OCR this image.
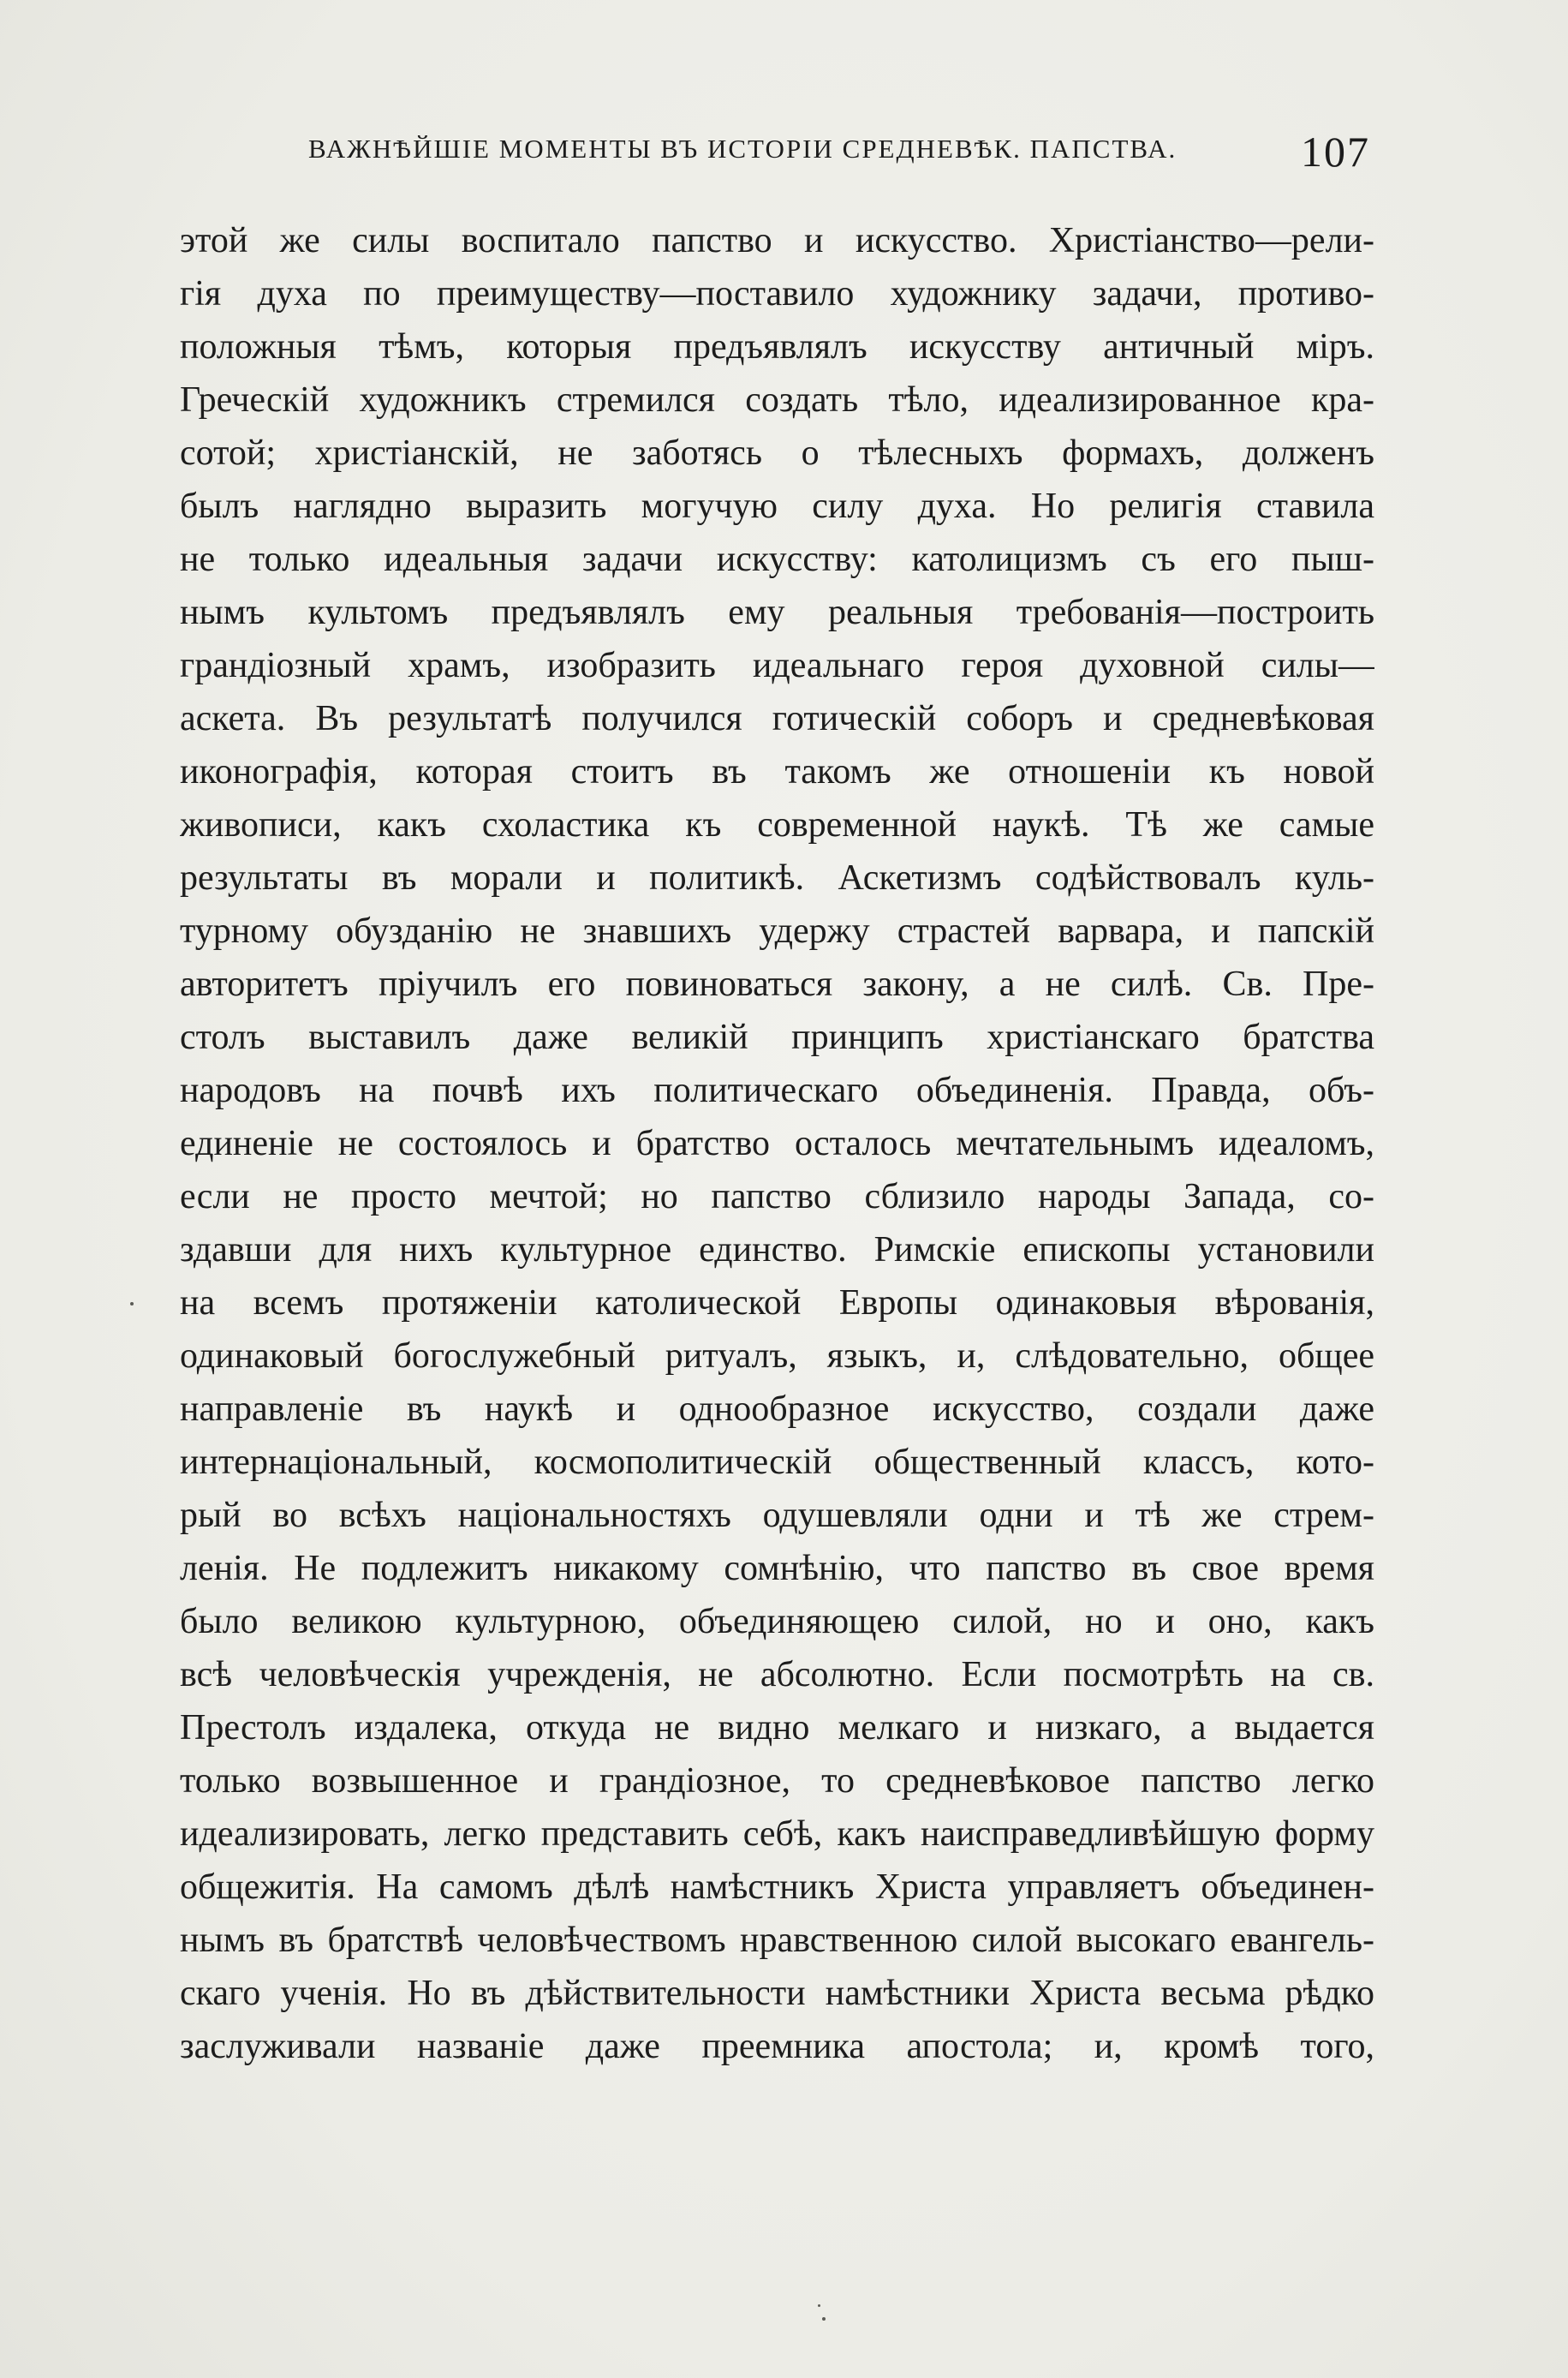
ВАЖНѢЙШІЕ МОМЕНТЫ ВЪ ИСТОРІИ СРЕДНЕВѢК. ПАПСТВА.	107
этой же силы воспитало папство и искусство. Христіанство—рели-
гія духа по преимуществу—поставило художнику задачи, противо-
положныя тѣмъ, которыя предъявлялъ искусству античный міръ.
Греческій художникъ стремился создать тѣло, идеализированное кра-
сотой; христіанскій, не заботясь о тѣлесныхъ формахъ, долженъ
былъ наглядно выразить могучую силу духа. Но религія ставила
не только идеальныя задачи искусству: католицизмъ съ его пыш-
нымъ культомъ предъявлялъ ему реальныя требованія—построить
грандіозный храмъ, изобразить идеальнаго героя духовной силы—
аскета. Въ результатѣ получился готическій соборъ и средневѣковая
иконографія, которая стоитъ въ такомъ же отношеніи къ новой
живописи, какъ схоластика къ современной наукѣ. Тѣ же самые
результаты въ морали и политикѣ. Аскетизмъ содѣйствовалъ куль-
турному обузданію не знавшихъ удержу страстей варвара, и папскій
авторитетъ пріучилъ его повиноваться закону, а не силѣ. Св. Пре-
столъ выставилъ даже великій принципъ христіанскаго братства
народовъ на почвѣ ихъ политическаго объединенія. Правда, объ-
единеніе не состоялось и братство осталось мечтательнымъ идеаломъ,
если не просто мечтой; но папство сблизило народы Запада, со-
здавши для нихъ культурное единство. Римскіе епископы установили
на всемъ протяженіи католической Европы одинаковыя вѣрованія,
одинаковый богослужебный ритуалъ, языкъ, и, слѣдовательно, общее
направленіе въ наукѣ и однообразное искусство, создали даже
интернаціональный, космополитическій общественный классъ, кото-
рый во всѣхъ національностяхъ одушевляли одни и тѣ же стрем-
ленія. Не подлежитъ никакому сомнѣнію, что папство въ свое время
было великою культурною, объединяющею силой, но и оно, какъ
всѣ человѣческія учрежденія, не абсолютно. Если посмотрѣть на св.
Престолъ издалека, откуда не видно мелкаго и низкаго, а выдается
только возвышенное и грандіозное, то средневѣковое папство легко
идеализировать, легко представить себѣ, какъ наисправедливѣйшую форму
общежитія. На самомъ дѣлѣ намѣстникъ Христа управляетъ объединен-
нымъ въ братствѣ человѣчествомъ нравственною силой высокаго евангель-
скаго ученія. Но въ дѣйствительности намѣстники Христа весьма рѣдко
заслуживали названіе даже преемника апостола; и, кромѣ того,
